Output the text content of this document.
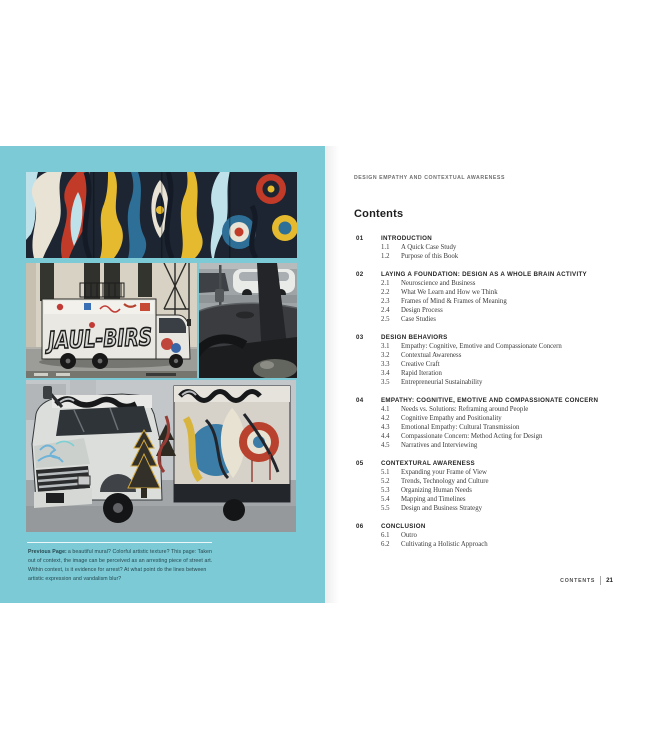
JAUL-BIRS
Previous Page:a beautiful mural? Colorful artistic texture? This page: Taken
out of context, the image can be perceived as an arresting piece of street art.
Within context, is it evidence for arrest? At what point do the lines between
artistic expression and vandalism blur?
DESIGN EMPATHY AND CONTEXTUAL AWARENESS
Contents
01	INTRODUCTION
1.1	A Quick Case Study
1.2	Purpose of this Book
02	LAYING A FOUNDATION: DESIGN AS A WHOLE BRAIN ACTIVITY
2.1	Neuroscience and Business
2.2	What We Learn and How we Think
2.3	Frames of Mind & Frames of Meaning
2.4	Design Process
2.5	Case Studies
03	DESIGN BEHAVIORS
3.1	Empathy: Cognitive, Emotive and Compassionate Concern
3.2	Contextual Awareness
3.3	Creative Craft
3.4	Rapid Iteration
3.5	Entrepreneurial Sustainability
04	EMPATHY: COGNITIVE, EMOTIVE AND COMPASSIONATE CONCERN
4.1	Needs vs. Solutions: Reframing around People
4.2	Cognitive Empathy and Positionality
4.3	Emotional Empathy: Cultural Transmission
4.4	Compassionate Concern: Method Acting for Design
4.5	Narratives and Interviewing
05	CONTEXTURAL AWARENESS
5.1	Expanding your Frame of View
5.2	Trends, Technology and Culture
5.3	Organizing Human Needs
5.4	Mapping and Timelines
5.5	Design and Business Strategy
06	CONCLUSION
6.1	Outro
6.2	Cultivating a Holistic Approach
CONTENTS 21
